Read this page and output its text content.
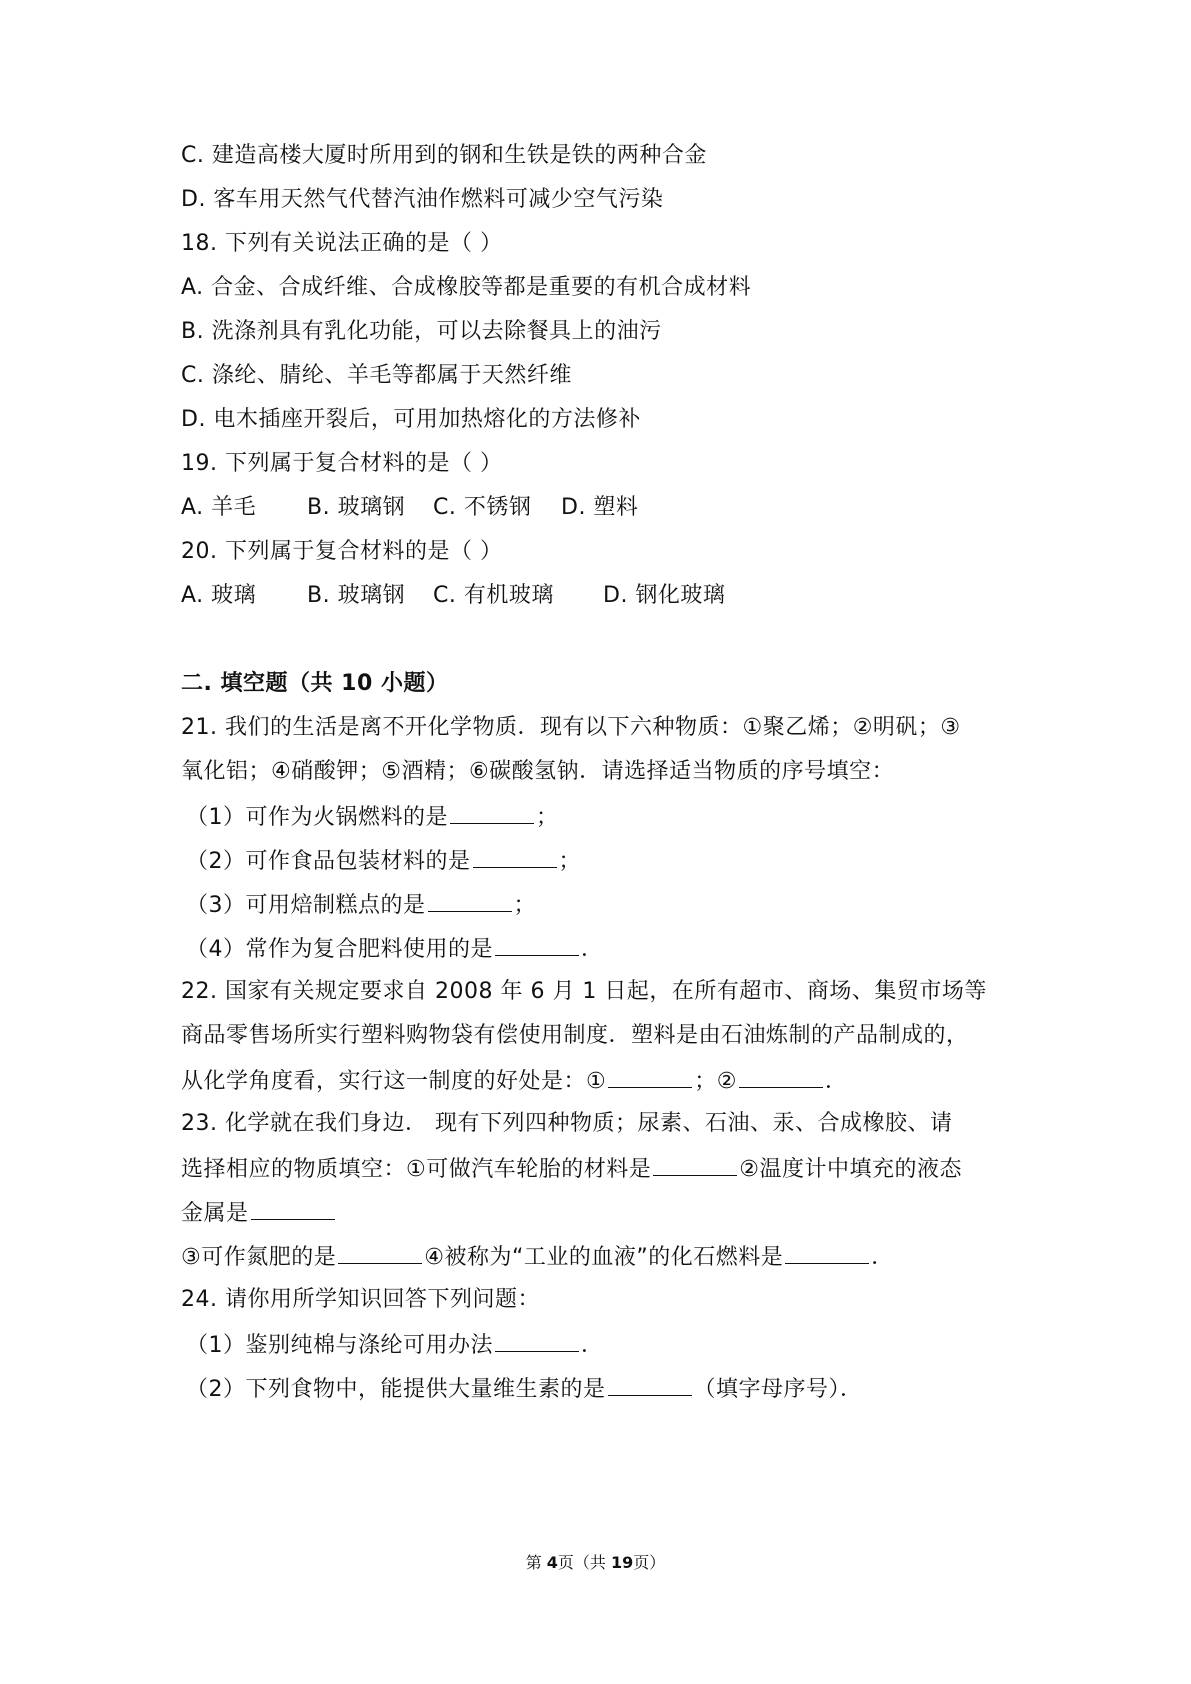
C. 建造高楼大厦时所用到的钢和生铁是铁的两种合金
D. 客车用天然气代替汽油作燃料可减少空气污染
18. 下列有关说法正确的是（ ）
A. 合金、合成纤维、合成橡胶等都是重要的有机合成材料
B. 洗涤剂具有乳化功能，可以去除餐具上的油污
C. 涤纶、腈纶、羊毛等都属于天然纤维
D. 电木插座开裂后，可用加热熔化的方法修补
19. 下列属于复合材料的是（ ）
A. 羊毛 B. 玻璃钢 C. 不锈钢 D. 塑料
20. 下列属于复合材料的是（ ）
A. 玻璃 B. 玻璃钢 C. 有机玻璃 D. 钢化玻璃
二. 填空题（共 10 小题）
21. 我们的生活是离不开化学物质．现有以下六种物质：①聚乙烯；②明矾；③
氧化铝；④硝酸钾；⑤酒精；⑥碳酸氢钠．请选择适当物质的序号填空：
（1）可作为火锅燃料的是	；
（2）可作食品包装材料的是	；
（3）可用焙制糕点的是	；
（4）常作为复合肥料使用的是	．
22. 国家有关规定要求自 2008 年 6 月 1 日起，在所有超市、商场、集贸市场等
商品零售场所实行塑料购物袋有偿使用制度．塑料是由石油炼制的产品制成的，
从化学角度看，实行这一制度的好处是：①	；②	．
23. 化学就在我们身边． 现有下列四种物质；尿素、石油、汞、合成橡胶、请
选择相应的物质填空：①可做汽车轮胎的材料是	②温度计中填充的液态
金属是
③可作氮肥的是	④被称为“工业的血液”的化石燃料是	．
24. 请你用所学知识回答下列问题：
（1）鉴别纯棉与涤纶可用办法	．
（2）下列食物中，能提供大量维生素的是	（填字母序号）．
第 4页（共 19页）
